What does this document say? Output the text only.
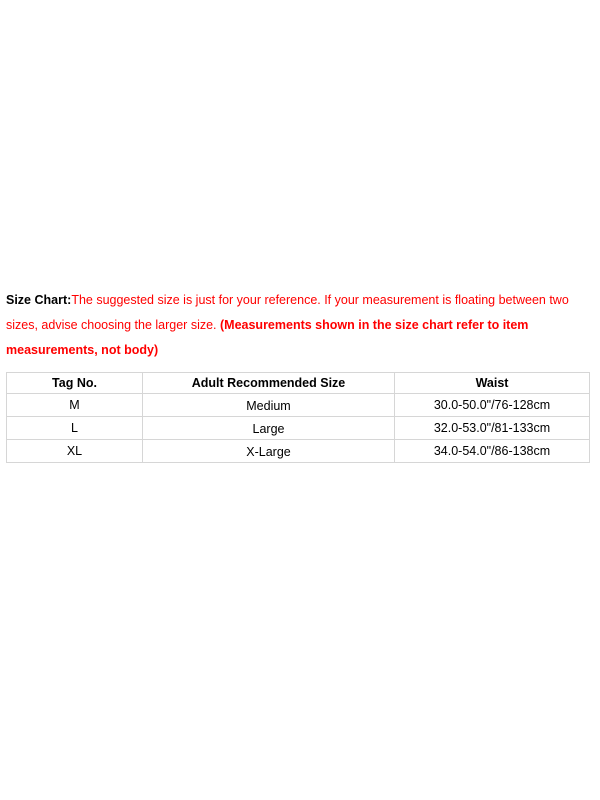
Size Chart:The suggested size is just for your reference. If your measurement is floating between two sizes, advise choosing the larger size. (Measurements shown in the size chart refer to item measurements, not body)
Tag No.	Adult Recommended Size	Waist
M	Medium	30.0-50.0"/76-128cm
L	Large	32.0-53.0"/81-133cm
XL	X-Large	34.0-54.0"/86-138cm
